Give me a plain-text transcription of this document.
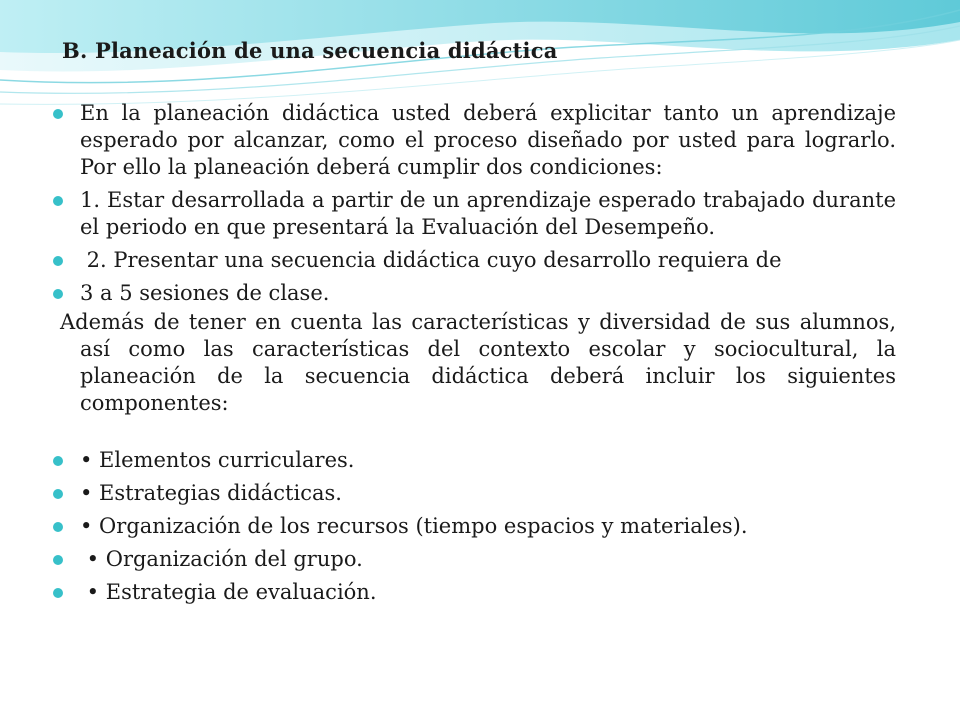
B. Planeación de una secuencia didáctica
En la planeación didáctica usted deberá explicitar tanto un aprendizaje esperado por alcanzar, como el proceso diseñado por usted para lograrlo. Por ello la planeación deberá cumplir dos condiciones:
1. Estar desarrollada a partir de un aprendizaje esperado trabajado durante el periodo en que presentará la Evaluación del Desempeño.
2. Presentar una secuencia didáctica cuyo desarrollo requiera de
3 a 5 sesiones de clase.

Además de tener en cuenta las características y diversidad de sus alumnos, así como las características del contexto escolar y sociocultural, la planeación de la secuencia didáctica deberá incluir los siguientes componentes:

• Elementos curriculares.
• Estrategias didácticas.
• Organización de los recursos (tiempo espacios y materiales).
• Organización del grupo.
• Estrategia de evaluación.
